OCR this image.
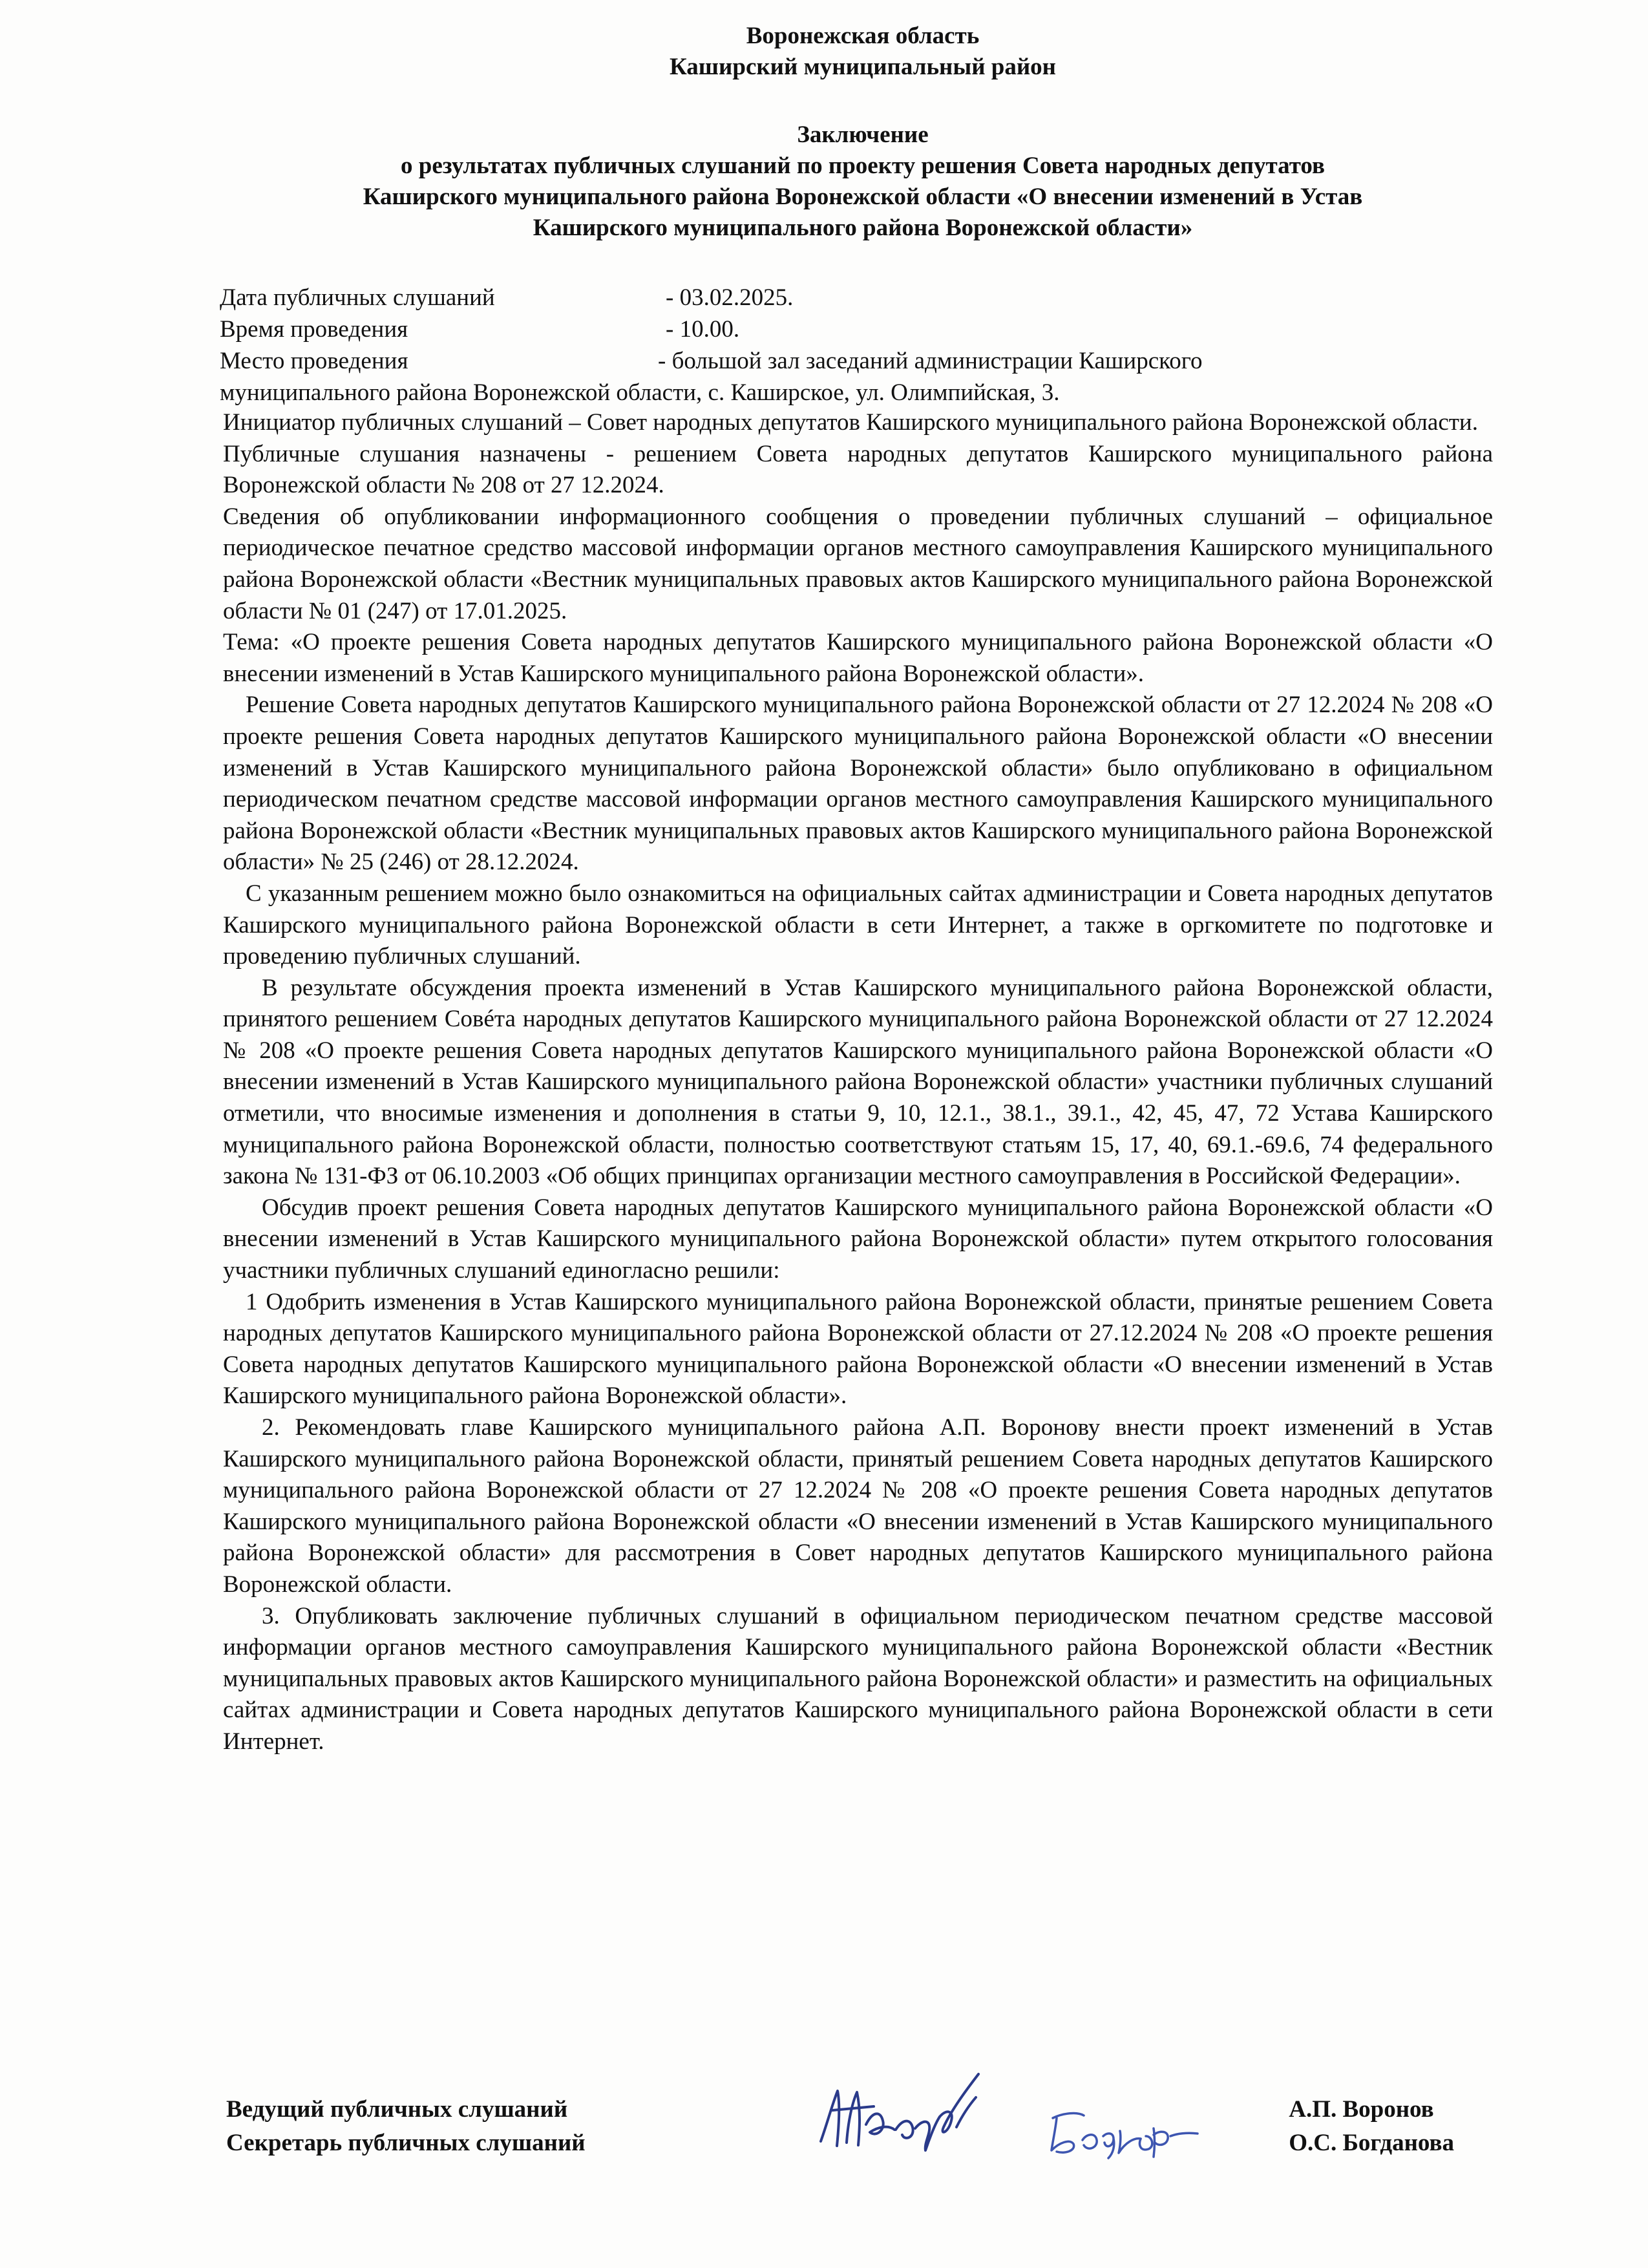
Воронежская область
Каширский муниципальный район
Заключение
о результатах публичных слушаний по проекту решения Совета народных депутатов
Каширского муниципального района Воронежской области «О внесении изменений в Устав
Каширского муниципального района Воронежской области»
Дата публичных слушаний	- 03.02.2025.
Время проведения	- 10.00.
Место проведения	- большой зал заседаний администрации Каширского
муниципального района Воронежской области, с. Каширское, ул. Олимпийская, 3.

Инициатор публичных слушаний – Совет народных депутатов Каширского муниципального района Воронежской области.

Публичные слушания назначены - решением Совета народных депутатов Каширского муниципального района Воронежской области № 208 от 27 12.2024.

Сведения об опубликовании информационного сообщения о проведении публичных слушаний – официальное периодическое печатное средство массовой информации органов местного самоуправления Каширского муниципального района Воронежской области «Вестник муниципальных правовых актов Каширского муниципального района Воронежской области № 01 (247) от 17.01.2025.

Тема: «О проекте решения Совета народных депутатов Каширского муниципального района Воронежской области «О внесении изменений в Устав Каширского муниципального района Воронежской области».

Решение Совета народных депутатов Каширского муниципального района Воронежской области от 27 12.2024 № 208 «О проекте решения Совета народных депутатов Каширского муниципального района Воронежской области «О внесении изменений в Устав Каширского муниципального района Воронежской области» было опубликовано в официальном периодическом печатном средстве массовой информации органов местного самоуправления Каширского муниципального района Воронежской области «Вестник муниципальных правовых актов Каширского муниципального района Воронежской области» № 25 (246) от 28.12.2024.

С указанным решением можно было ознакомиться на официальных сайтах администрации и Совета народных депутатов Каширского муниципального района Воронежской области в сети Интернет, а также в оргкомитете по подготовке и проведению публичных слушаний.

В результате обсуждения проекта изменений в Устав Каширского муниципального района Воронежской области, принятого решением Совéта народных депутатов Каширского муниципального района Воронежской области от 27 12.2024 № 208 «О проекте решения Совета народных депутатов Каширского муниципального района Воронежской области «О внесении изменений в Устав Каширского муниципального района Воронежской области» участники публичных слушаний отметили, что вносимые изменения и дополнения в статьи 9, 10, 12.1., 38.1., 39.1., 42, 45, 47, 72 Устава Каширского муниципального района Воронежской области, полностью соответствуют статьям 15, 17, 40, 69.1.-69.6, 74 федерального закона № 131-ФЗ от 06.10.2003 «Об общих принципах организации местного самоуправления в Российской Федерации».

Обсудив проект решения Совета народных депутатов Каширского муниципального района Воронежской области «О внесении изменений в Устав Каширского муниципального района Воронежской области» путем открытого голосования участники публичных слушаний единогласно решили:

1 Одобрить изменения в Устав Каширского муниципального района Воронежской области, принятые решением Совета народных депутатов Каширского муниципального района Воронежской области от 27.12.2024 № 208 «О проекте решения Совета народных депутатов Каширского муниципального района Воронежской области «О внесении изменений в Устав Каширского муниципального района Воронежской области».

2. Рекомендовать главе Каширского муниципального района А.П. Воронову внести проект изменений в Устав Каширского муниципального района Воронежской области, принятый решением Совета народных депутатов Каширского муниципального района Воронежской области от 27 12.2024 № 208 «О проекте решения Совета народных депутатов Каширского муниципального района Воронежской области «О внесении изменений в Устав Каширского муниципального района Воронежской области» для рассмотрения в Совет народных депутатов Каширского муниципального района Воронежской области.

3. Опубликовать заключение публичных слушаний в официальном периодическом печатном средстве массовой информации органов местного самоуправления Каширского муниципального района Воронежской области «Вестник муниципальных правовых актов Каширского муниципального района Воронежской области» и разместить на официальных сайтах администрации и Совета народных депутатов Каширского муниципального района Воронежской области в сети Интернет.

Ведущий публичных слушаний
Секретарь публичных слушаний
А.П. Воронов
О.С. Богданова
